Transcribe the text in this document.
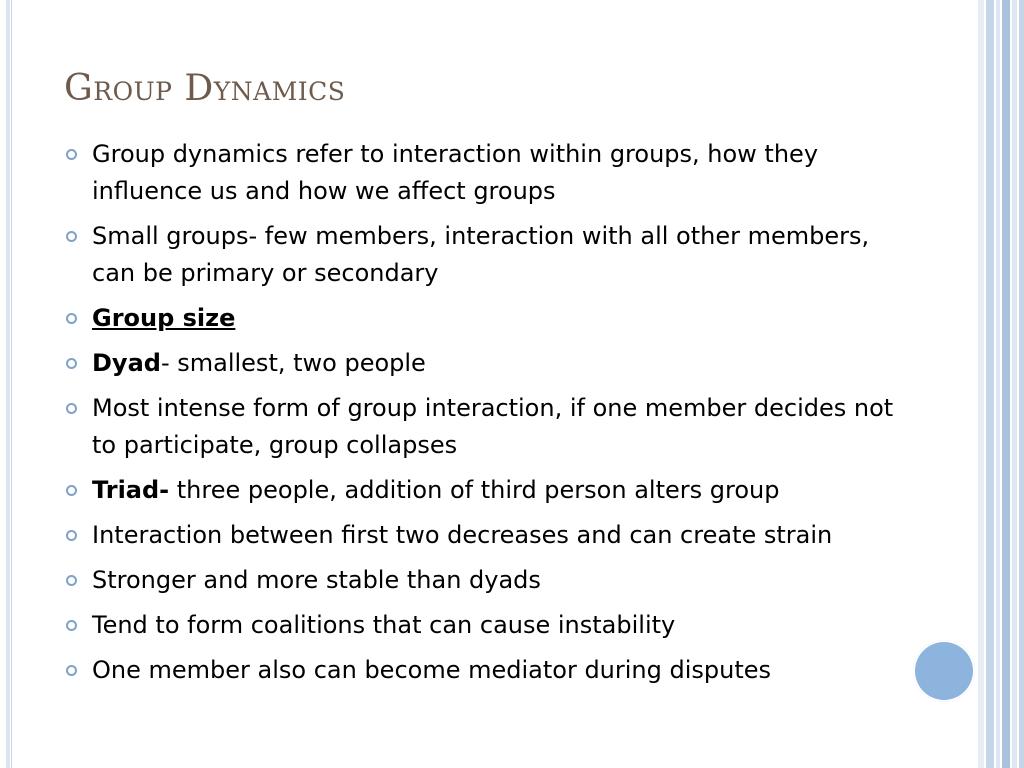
Group Dynamics
Group dynamics refer to interaction within groups, how they influence us and how we affect groups
Small groups- few members, interaction with all other members, can be primary or secondary
Group size
Dyad- smallest, two people
Most intense form of group interaction, if one member decides not to participate, group collapses
Triad- three people, addition of third person alters group
Interaction between first two decreases and can create strain
Stronger and more stable than dyads
Tend to form coalitions that can cause instability
One member also can become mediator during disputes
